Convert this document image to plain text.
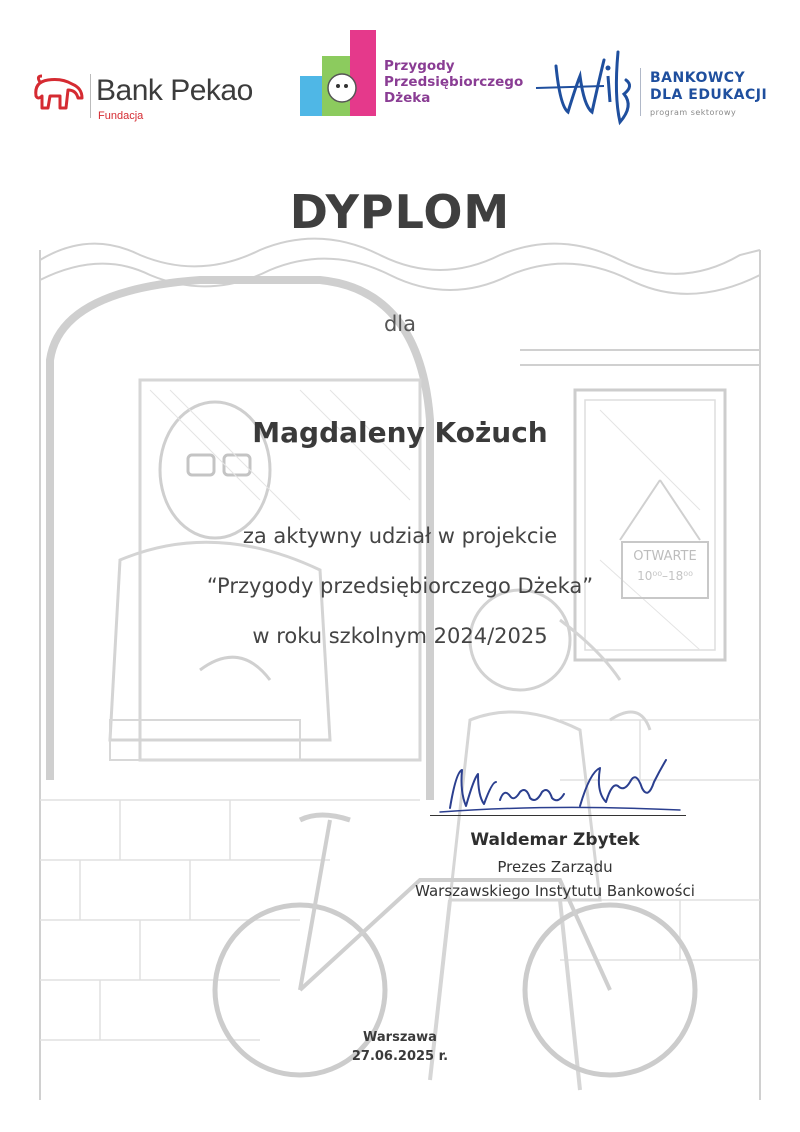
OTWARTE
10⁰⁰–18⁰⁰
Bank Pekao
Fundacja
Przygody
Przedsiębiorczego
Dżeka
BANKOWCY
DLA EDUKACJI
program sektorowy
DYPLOM
dla
Magdaleny Kożuch
za aktywny udział w projekcie
“Przygody przedsiębiorczego Dżeka”
w roku szkolnym 2024/2025
Waldemar Zbytek
Prezes Zarządu
Warszawskiego Instytutu Bankowości
Warszawa
27.06.2025 r.
